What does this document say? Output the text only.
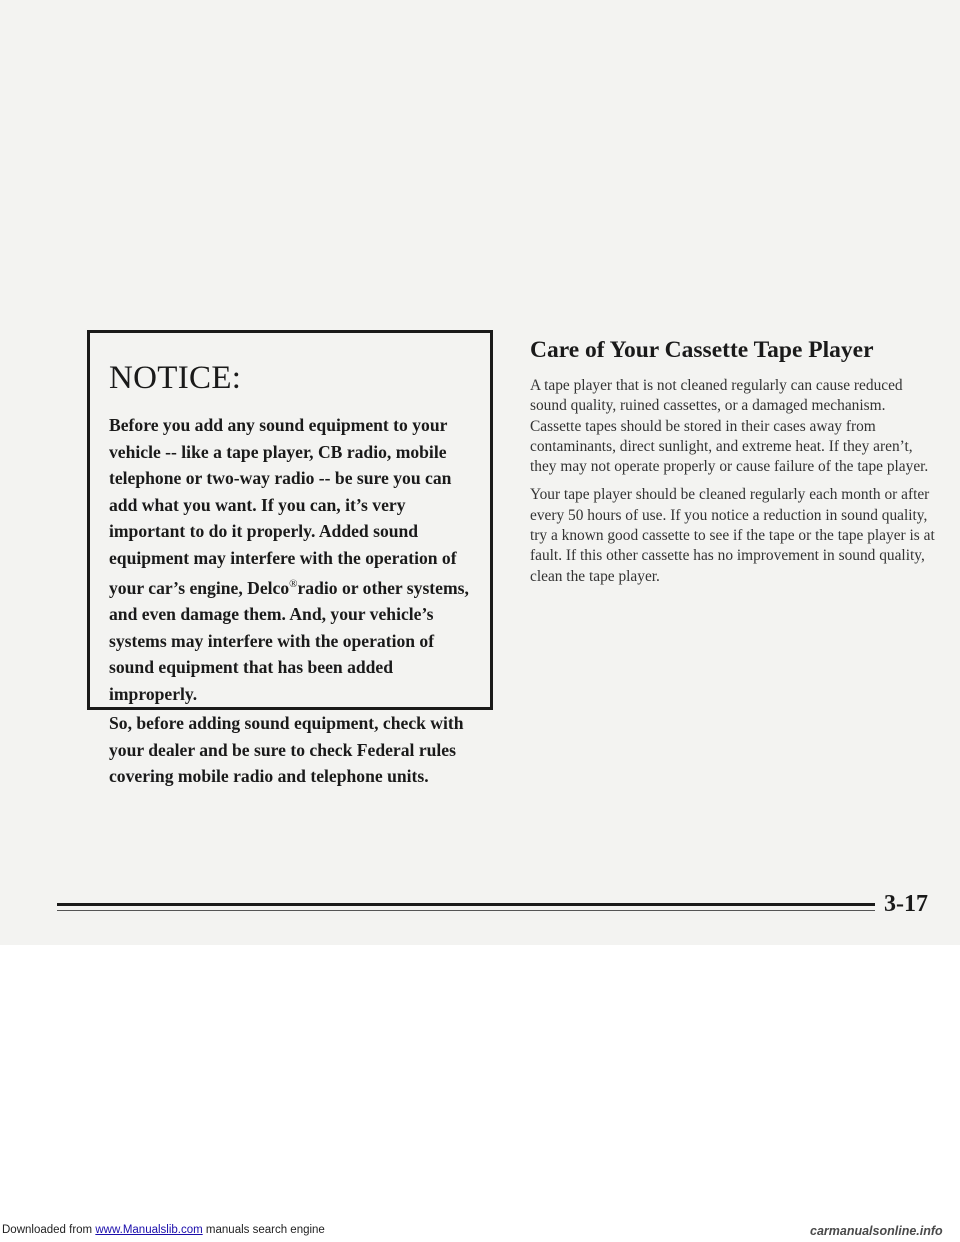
NOTICE:

Before you add any sound equipment to your vehicle -- like a tape player, CB radio, mobile telephone or two-way radio -- be sure you can add what you want. If you can, it’s very important to do it properly. Added sound equipment may interfere with the operation of your car’s engine, Delco®radio or other systems, and even damage them. And, your vehicle’s systems may interfere with the operation of sound equipment that has been added improperly.

So, before adding sound equipment, check with your dealer and be sure to check Federal rules covering mobile radio and telephone units.

Care of Your Cassette Tape Player

A tape player that is not cleaned regularly can cause reduced sound quality, ruined cassettes, or a damaged mechanism. Cassette tapes should be stored in their cases away from contaminants, direct sunlight, and extreme heat. If they aren’t, they may not operate properly or cause failure of the tape player.

Your tape player should be cleaned regularly each month or after every 50 hours of use. If you notice a reduction in sound quality, try a known good cassette to see if the tape or the tape player is at fault. If this other cassette has no improvement in sound quality, clean the tape player.

3-17
Downloaded from www.Manualslib.com manuals search engine	carmanualsonline.info
